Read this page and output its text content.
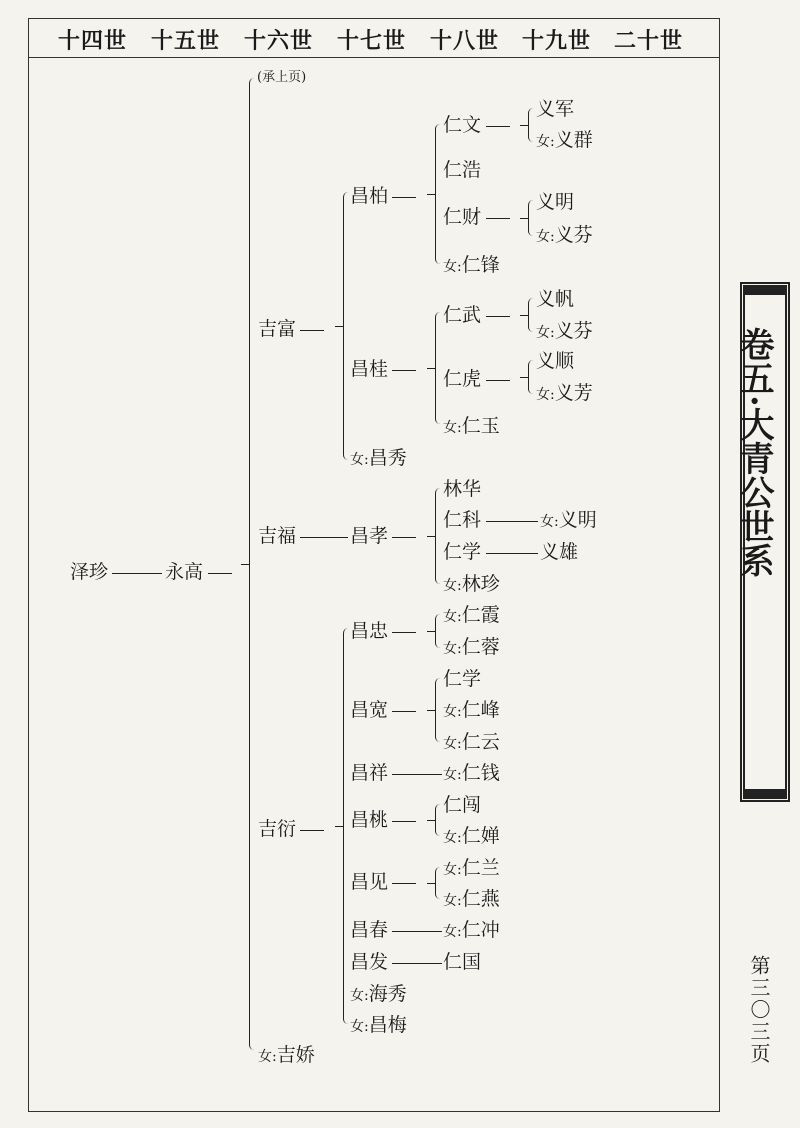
十四世 十五世 十六世 十七世 十八世 十九世 二十世
(承上页)
泽珍	永高
吉富
吉福
吉衍
女:吉娇
昌柏
昌桂
女:昌秀
昌孝
昌忠
昌宽
昌祥
昌桃
昌见
昌春
昌发
女:海秀
女:昌梅
仁文
仁浩
仁财
女:仁锋
仁武
仁虎
女:仁玉
林华
仁科
仁学
女:林珍
女:仁霞
女:仁蓉
仁学
女:仁峰
女:仁云
女:仁钱
仁闯
女:仁婵
女:仁兰
女:仁燕
女:仁冲
仁国
义军
女:义群
义明
女:义芬
义帆
女:义芬
义顺
女:义芳
女:义明
义雄	卷五·大青公世系
第三〇三页
